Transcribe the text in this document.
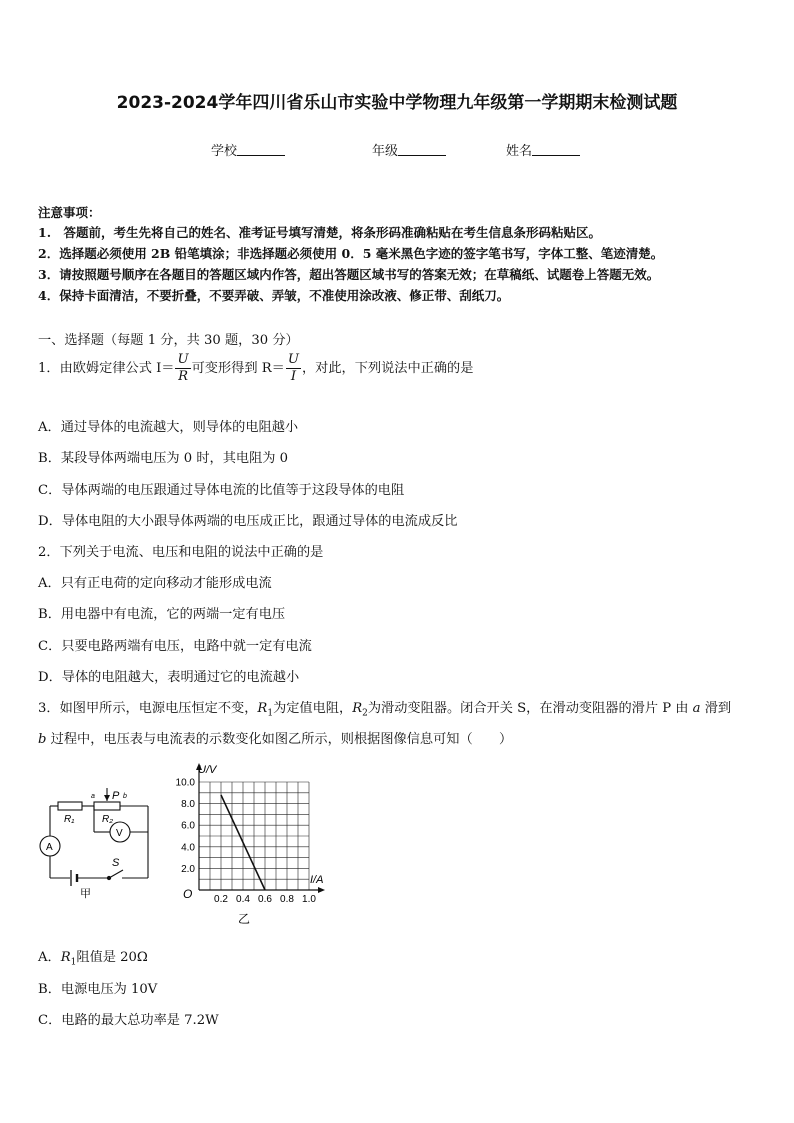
2023-2024学年四川省乐山市实验中学物理九年级第一学期期末检测试题
学校	年级	姓名
注意事项：
1.　答题前，考生先将自己的姓名、准考证号填写清楚，将条形码准确粘贴在考生信息条形码粘贴区。
2．选择题必须使用 2B 铅笔填涂；非选择题必须使用 0．5 毫米黑色字迹的签字笔书写，字体工整、笔迹清楚。
3．请按照题号顺序在各题目的答题区域内作答，超出答题区域书写的答案无效；在草稿纸、试题卷上答题无效。
4．保持卡面清洁，不要折叠，不要弄破、弄皱，不准使用涂改液、修正带、刮纸刀。
一、选择题（每题 1 分，共 30 题，30 分）
1．由欧姆定律公式 $I= \frac{U}{R}$ 可变形得到 $R= \frac{U}{I}$ ，对此，下列说法中正确的是
A．通过导体的电流越大，则导体的电阻越小
B．某段导体两端电压为 0 时，其电阻为 0
C．导体两端的电压跟通过导体电流的比值等于这段导体的电阻
D．导体电阻的大小跟导体两端的电压成正比，跟通过导体的电流成反比
2．下列关于电流、电压和电阻的说法中正确的是
A．只有正电荷的定向移动才能形成电流
B．用电器中有电流，它的两端一定有电压
C．只要电路两端有电压，电路中就一定有电流
D．导体的电阻越大，表明通过它的电流越小
3．如图甲所示，电源电压恒定不变，$R_1$为定值电阻，$R_2$为滑动变阻器。闭合开关 S，在滑动变阻器的滑片 P 由 a 滑到
b 过程中，电压表与电流表的示数变化如图乙所示，则根据图像信息可知（　　）
a	b
P
R₁	R₂
V
A
S
甲	0.2 0.4 0.6 0.8 1.0
2.0
4.0
6.0
8.0
10.0
U/V
I/A
O
乙
A．$R_1$阻值是 20Ω
B．电源电压为 10V
C．电路的最大总功率是 7.2W
